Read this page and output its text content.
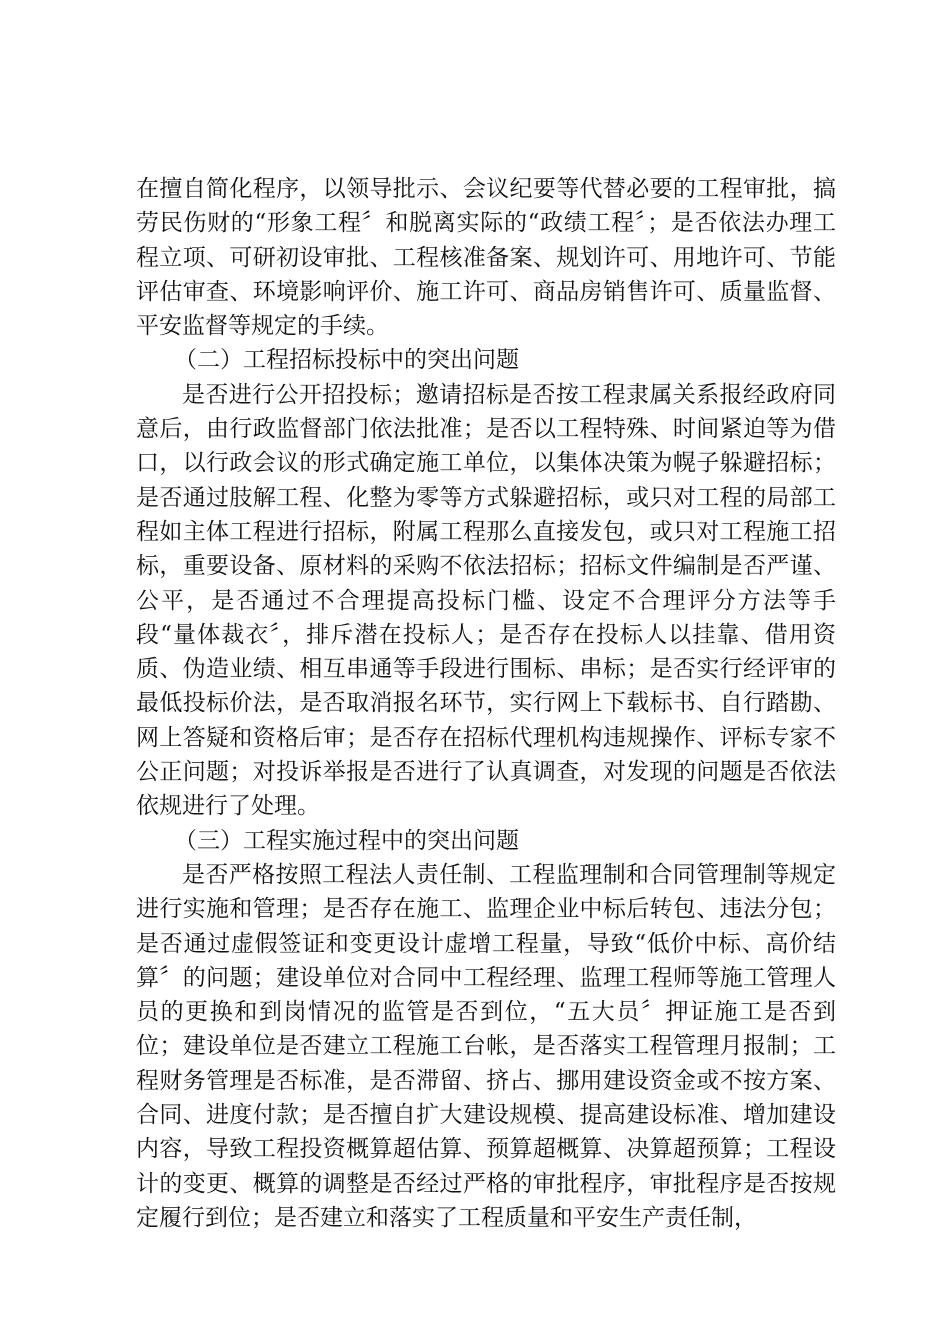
在擅自简化程序，以领导批示、会议纪要等代替必要的工程审批，搞劳民伤财的“形象工程〞和脱离实际的“政绩工程〞；是否依法办理工程立项、可研初设审批、工程核准备案、规划许可、用地许可、节能评估审查、环境影响评价、施工许可、商品房销售许可、质量监督、平安监督等规定的手续。

（二）工程招标投标中的突出问题

是否进行公开招投标；邀请招标是否按工程隶属关系报经政府同意后，由行政监督部门依法批准；是否以工程特殊、时间紧迫等为借口，以行政会议的形式确定施工单位，以集体决策为幌子躲避招标；是否通过肢解工程、化整为零等方式躲避招标，或只对工程的局部工程如主体工程进行招标，附属工程那么直接发包，或只对工程施工招标，重要设备、原材料的采购不依法招标；招标文件编制是否严谨、公平，是否通过不合理提高投标门槛、设定不合理评分方法等手段“量体裁衣〞，排斥潜在投标人；是否存在投标人以挂靠、借用资质、伪造业绩、相互串通等手段进行围标、串标；是否实行经评审的最低投标价法，是否取消报名环节，实行网上下载标书、自行踏勘、网上答疑和资格后审；是否存在招标代理机构违规操作、评标专家不公正问题；对投诉举报是否进行了认真调查，对发现的问题是否依法依规进行了处理。

（三）工程实施过程中的突出问题

是否严格按照工程法人责任制、工程监理制和合同管理制等规定进行实施和管理；是否存在施工、监理企业中标后转包、违法分包；是否通过虚假签证和变更设计虚增工程量，导致“低价中标、高价结算〞的问题；建设单位对合同中工程经理、监理工程师等施工管理人员的更换和到岗情况的监管是否到位，“五大员〞押证施工是否到位；建设单位是否建立工程施工台帐，是否落实工程管理月报制；工程财务管理是否标准，是否滞留、挤占、挪用建设资金或不按方案、合同、进度付款；是否擅自扩大建设规模、提高建设标准、增加建设内容，导致工程投资概算超估算、预算超概算、决算超预算；工程设计的变更、概算的调整是否经过严格的审批程序，审批程序是否按规定履行到位；是否建立和落实了工程质量和平安生产责任制，
